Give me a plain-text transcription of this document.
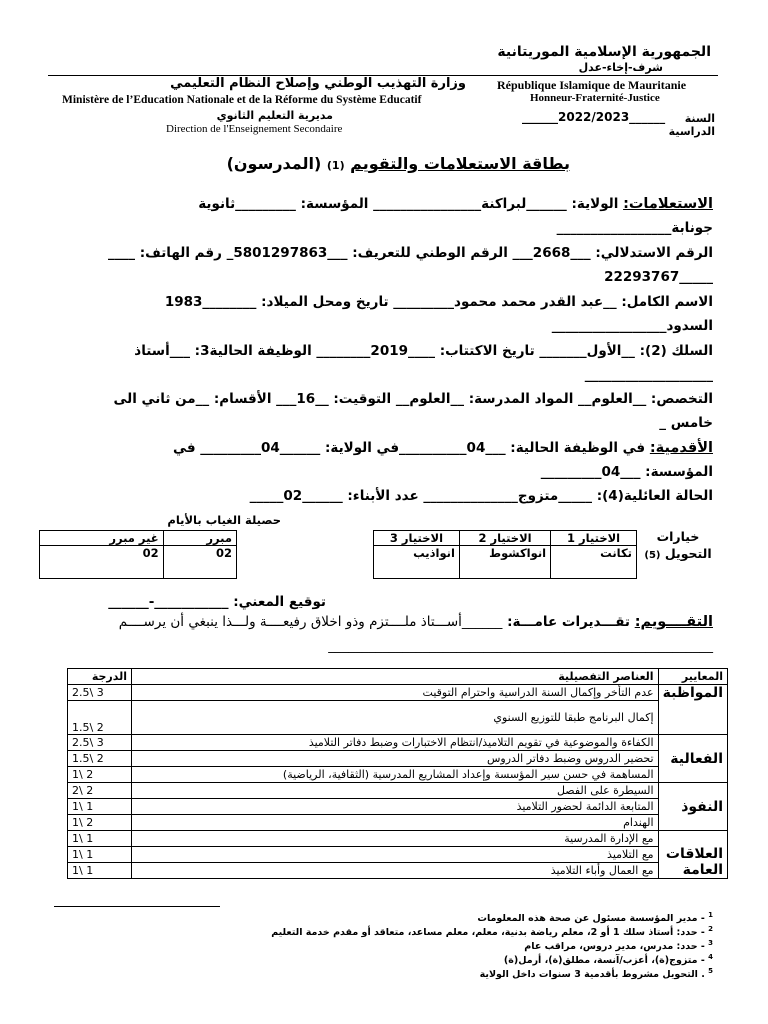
الجمهورية الإسلامية الموريتانية
شرف-إخاء-عدل
République Islamique de Mauritanie
Honneur-Fraternité-Justice
وزارة التهذيب الوطني وإصلاح النظام التعليمي
Ministère de l’Education Nationale et de la Réforme du Système Educatif
مديرية التعليم الثانوي
Direction de l'Enseignement Secondaire
السنة
______2022/2023______
الدراسية
بطاقة الاستعلامات والتقويم (1) (المدرسون)
الاستعلامات: الولاية: ______لبراكنة________________ المؤسسة: _________ثانوية
جونابة_________________
الرقم الاستدلالي: ___2668___ الرقم الوطني للتعريف: ___5801297863_ رقم الهاتف: ____
_____22293767
الاسم الكامل: __عبد القدر محمد محمود_________ تاريخ ومحل الميلاد: ________1983
السدود_________________
السلك (2): __الأول_______ تاريخ الاكتتاب: ____2019________ الوظيفة الحالية3: ___أستاذ
___________________
التخصص: __العلوم__ المواد المدرسة: __العلوم__ التوقيت: __16___ الأقسام: __من ثاني الى
خامس _
الأقدمية: في الوظيفة الحالية: ___04__________في الولاية: ______04_________ في
المؤسسة: ___04_________
الحالة العائلية(4): _____متزوج______________ عدد الأبناء: ______02_____
حصيلة الغياب بالأيام
خيارات التحويل (5)
الاختيار 1	الاختيار 2	الاختيار 3
تكانت	انواكشوط	انواذيب
مبرر	غير مبرر
02	02
توقيع المعني: ___________-______
التقــــويم: تقـــديرات عامـــة: ______أســـتاذ ملــــتزم وذو اخلاق رفيعــــة ولـــذا ينبغي أن يرســــم
_________________________________________________________
المعايير	العناصر التفصيلية	الدرجة
المواظبة	عدم التأخر وإكمال السنة الدراسية واحترام التوقيت	2.5\ 3
	إكمال البرنامج طبقا للتوزيع السنوي	1.5\ 2
الفعالية	الكفاءة والموضوعية في تقويم التلاميذ/انتظام الاختبارات وضبط دفاتر التلاميذ	2.5\ 3
	تحضير الدروس وضبط دفاتر الدروس	1.5\ 2
	المساهمة في حسن سير المؤسسة وإعداد المشاريع المدرسية (الثقافية، الرياضية)	1\ 2
النفوذ	السيطرة على الفصل	2\ 2
	المتابعة الدائمة لحضور التلاميذ	1\ 1
	الهندام	1\ 2
العلاقات العامة	مع الإدارة المدرسية	1\ 1
	مع التلاميذ	1\ 1
	مع العمال وأباء التلاميذ	1\ 1
$^1$ - مدير المؤسسة مسئول عن صحة هذه المعلومات
$^2$ - حدد: أستاذ سلك 1 أو 2، معلم رياضة بدنية، معلم، معلم مساعد، متعاقد أو مقدم خدمة التعليم
$^3$ - حدد: مدرس، مدير دروس، مراقب عام
$^4$ - متزوج(ة)، أعزب/آنسة، مطلق(ة)، أرمل(ة)
$^5$ . التحويل مشروط بأقدمية 3 سنوات داخل الولاية
